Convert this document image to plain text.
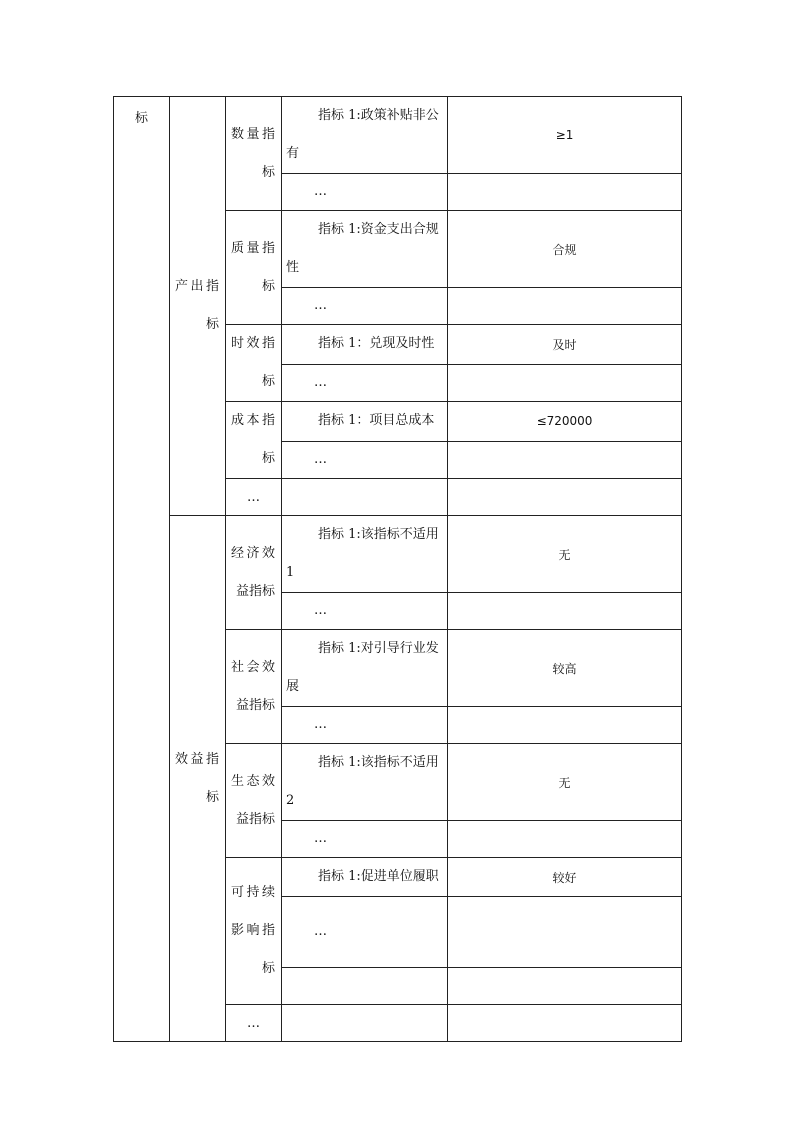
标	产出指标	数量指标	指标 1:政策补贴非公有	≥1
			…	
		质量指标	指标 1:资金支出合规性	合规
			…	
		时效指标	指标 1：兑现及时性	及时
			…	
		成本指标	指标 1：项目总成本	≤720000
			…	
		…		
	效益指标	经济效益指标	指标 1:该指标不适用1	无
			…	
		社会效益指标	指标 1:对引导行业发展	较高
			…	
		生态效益指标	指标 1:该指标不适用2	无
			…	
		可持续影响指标	指标 1:促进单位履职	较好
			…	

		…		
